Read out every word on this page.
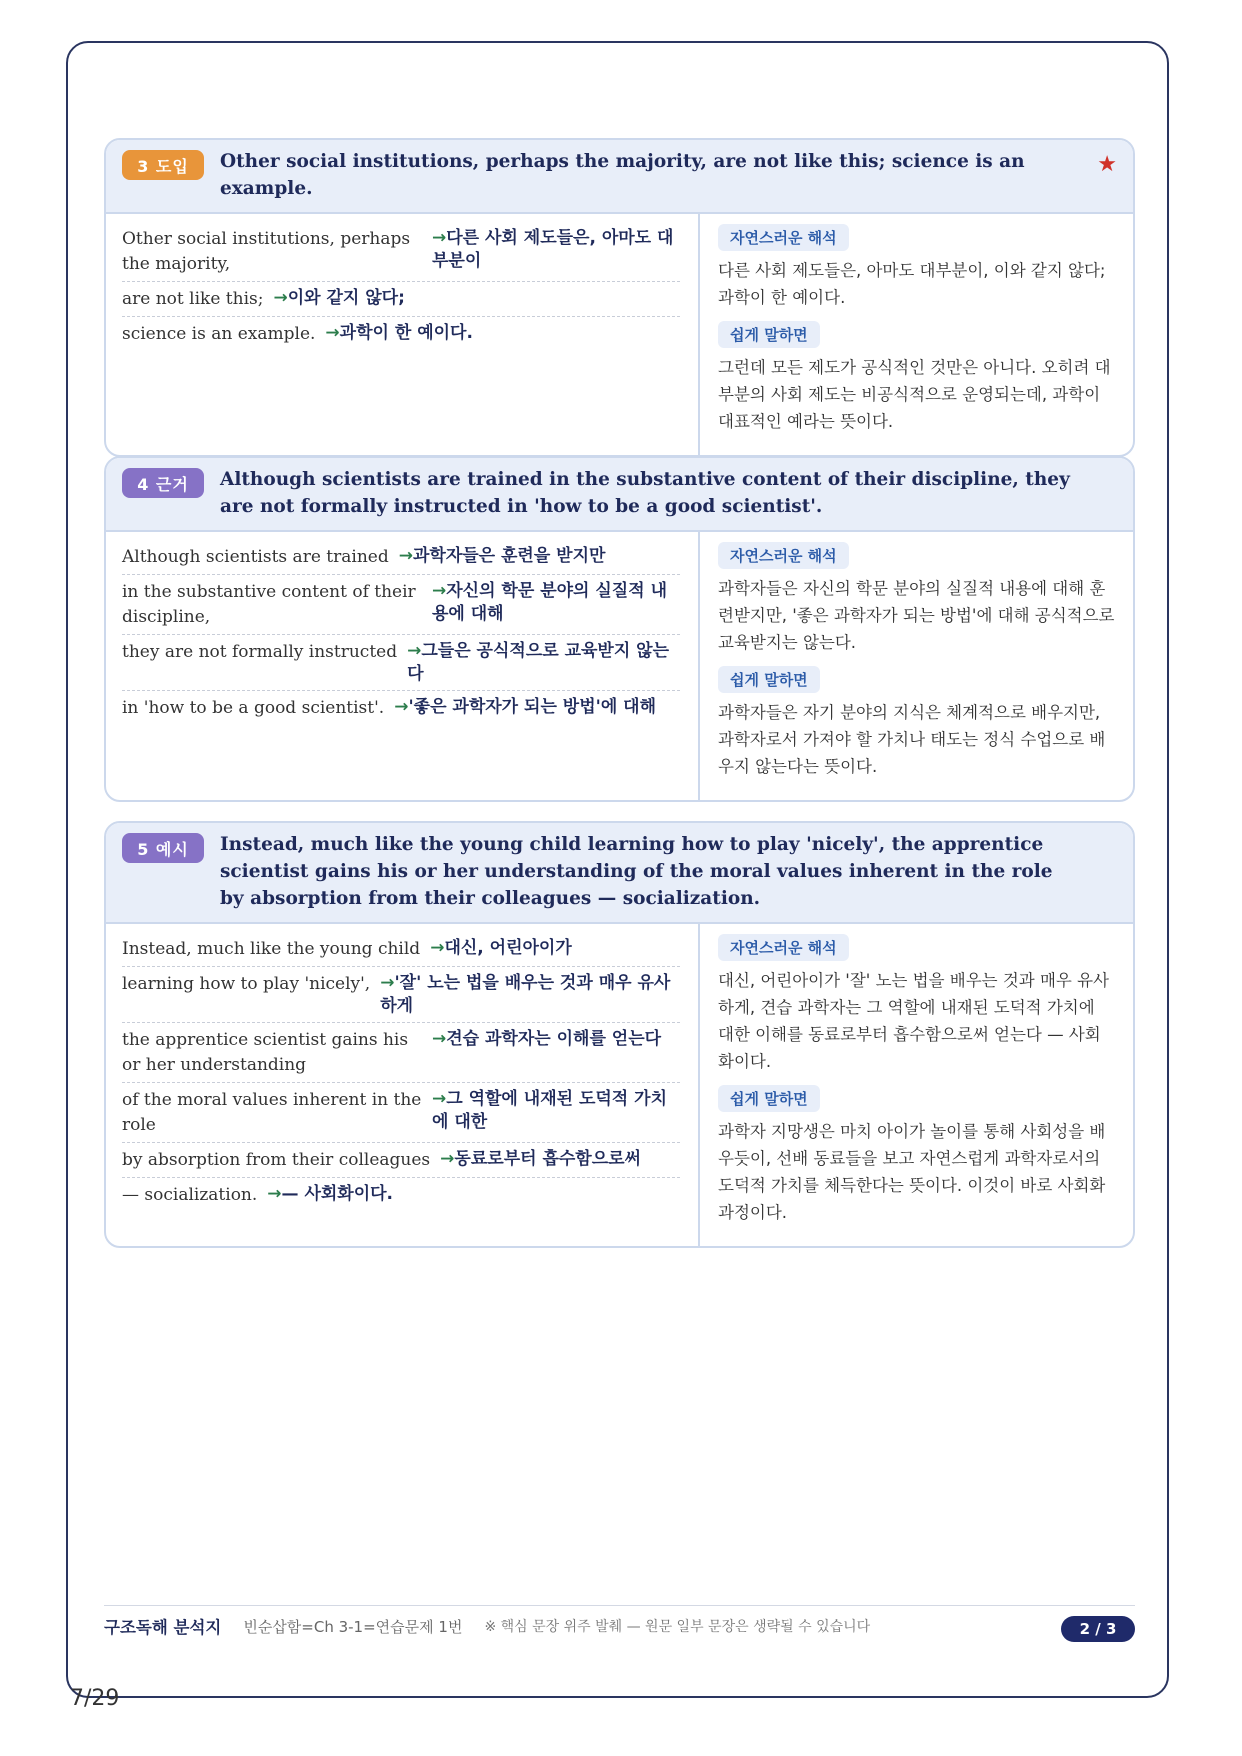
3 도입	Other social institutions, perhaps the majority, are not like this; science is an example.
★
Other social institutions, perhaps the majority,
→다른 사회 제도들은, 아마도 대부분이
are not like this; →이와 같지 않다;
science is an example. →과학이 한 예이다.
자연스러운 해석
다른 사회 제도들은, 아마도 대부분이, 이와 같지 않다; 과학이 한 예이다.
쉽게 말하면
그런데 모든 제도가 공식적인 것만은 아니다. 오히려 대부분의 사회 제도는 비공식적으로 운영되는데, 과학이 대표적인 예라는 뜻이다.
4 근거	Although scientists are trained in the substantive content of their discipline, they are not formally instructed in 'how to be a good scientist'.
Although scientists are trained →과학자들은 훈련을 받지만
in the substantive content of their discipline,
→자신의 학문 분야의 실질적 내용에 대해
they are not formally instructed →그들은 공식적으로 교육받지 않는다
in 'how to be a good scientist'. →'좋은 과학자가 되는 방법'에 대해
자연스러운 해석
과학자들은 자신의 학문 분야의 실질적 내용에 대해 훈련받지만, '좋은 과학자가 되는 방법'에 대해 공식적으로 교육받지는 않는다.
쉽게 말하면
과학자들은 자기 분야의 지식은 체계적으로 배우지만, 과학자로서 가져야 할 가치나 태도는 정식 수업으로 배우지 않는다는 뜻이다.
5 예시	Instead, much like the young child learning how to play 'nicely', the apprentice scientist gains his or her understanding of the moral values inherent in the role by absorption from their colleagues — socialization.
Instead, much like the young child →대신, 어린아이가
learning how to play 'nicely', →'잘' 노는 법을 배우는 것과 매우 유사하게
the apprentice scientist gains his or her understanding
→견습 과학자는 이해를 얻는다
of the moral values inherent in the role
→그 역할에 내재된 도덕적 가치에 대한
by absorption from their colleagues →동료로부터 흡수함으로써
— socialization. →— 사회화이다.
자연스러운 해석
대신, 어린아이가 '잘' 노는 법을 배우는 것과 매우 유사하게, 견습 과학자는 그 역할에 내재된 도덕적 가치에 대한 이해를 동료로부터 흡수함으로써 얻는다 — 사회화이다.
쉽게 말하면
과학자 지망생은 마치 아이가 놀이를 통해 사회성을 배우듯이, 선배 동료들을 보고 자연스럽게 과학자로서의 도덕적 가치를 체득한다는 뜻이다. 이것이 바로 사회화 과정이다.
구조독해 분석지 빈순삽함=Ch 3-1=연습문제 1번 ※ 핵심 문장 위주 발췌 — 원문 일부 문장은 생략될 수 있습니다	2 / 3
7/29
